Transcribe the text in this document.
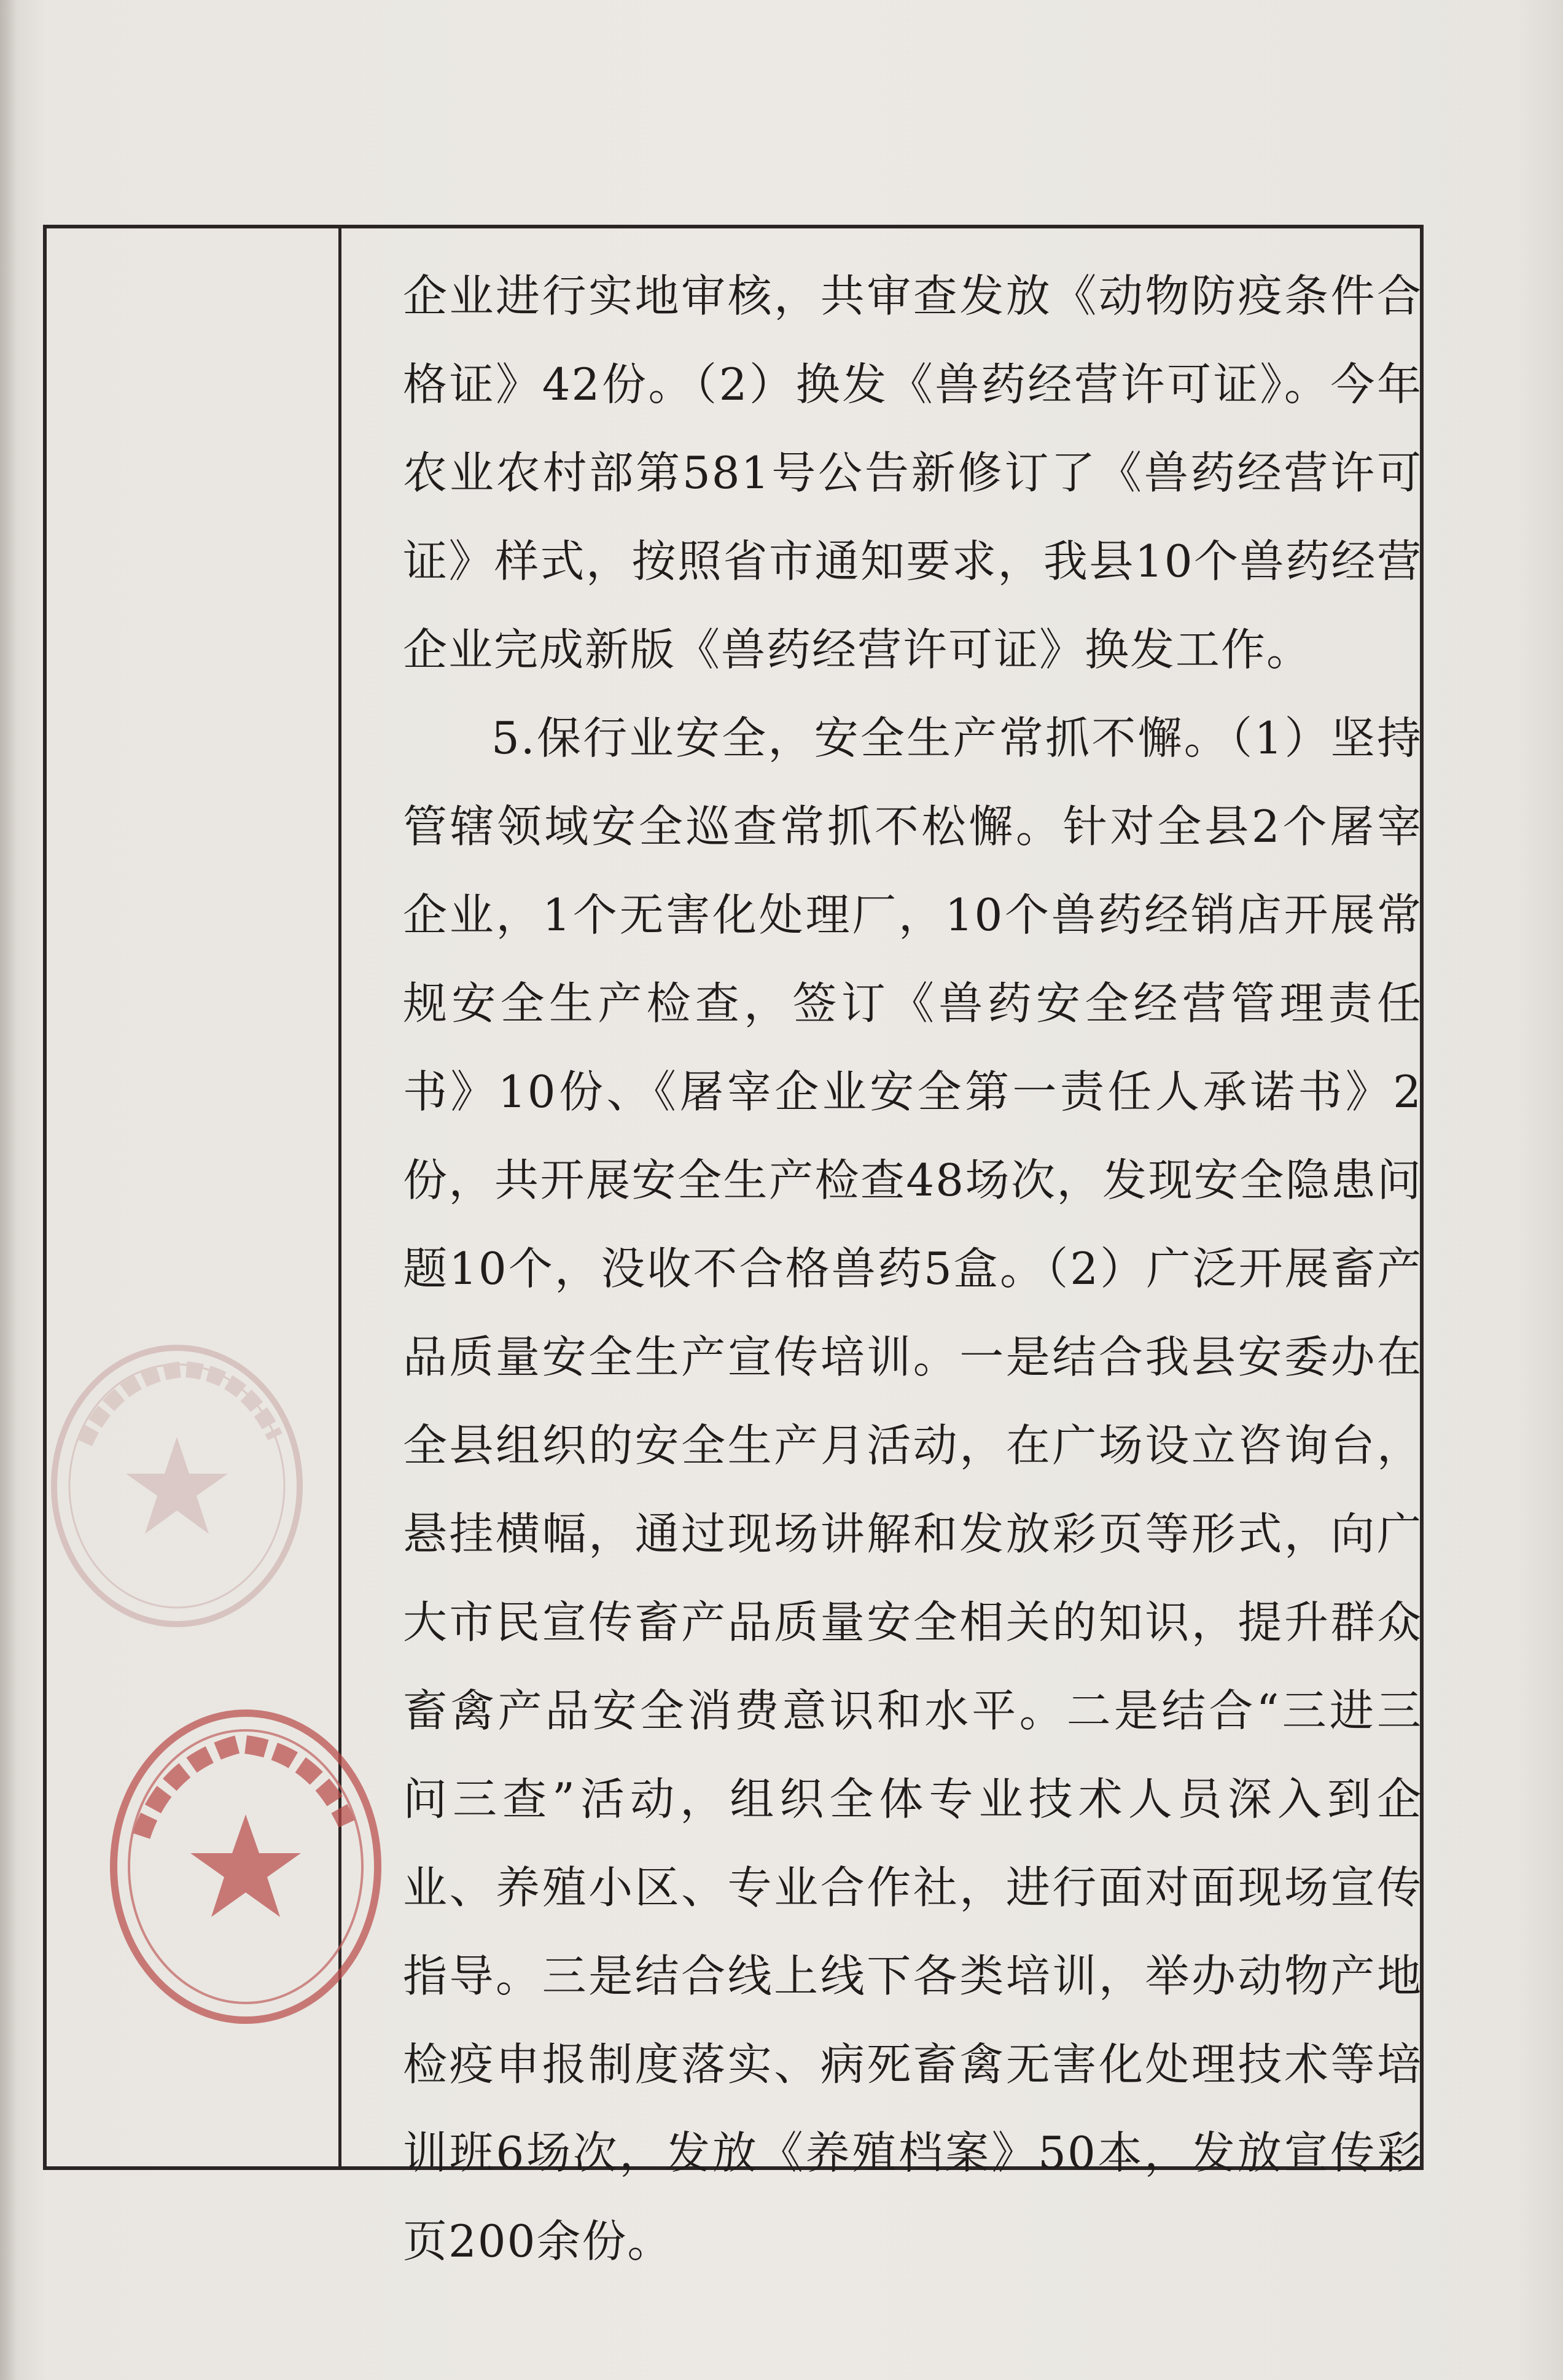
企业进行实地审核，共审查发放《动物防疫条件合格证》42份。（2）换发《兽药经营许可证》。今年农业农村部第581号公告新修订了《兽药经营许可证》样式，按照省市通知要求，我县10个兽药经营企业完成新版《兽药经营许可证》换发工作。

5.保行业安全，安全生产常抓不懈。（1）坚持管辖领域安全巡查常抓不松懈。针对全县2个屠宰企业，1个无害化处理厂，10个兽药经销店开展常规安全生产检查，签订《兽药安全经营管理责任书》10份、《屠宰企业安全第一责任人承诺书》2份，共开展安全生产检查48场次，发现安全隐患问题10个，没收不合格兽药5盒。（2）广泛开展畜产品质量安全生产宣传培训。一是结合我县安委办在全县组织的安全生产月活动，在广场设立咨询台，悬挂横幅，通过现场讲解和发放彩页等形式，向广大市民宣传畜产品质量安全相关的知识，提升群众畜禽产品安全消费意识和水平。二是结合“三进三问三查”活动，组织全体专业技术人员深入到企业、养殖小区、专业合作社，进行面对面现场宣传指导。三是结合线上线下各类培训，举办动物产地检疫申报制度落实、病死畜禽无害化处理技术等培训班6场次，发放《养殖档案》50本，发放宣传彩页200余份。
